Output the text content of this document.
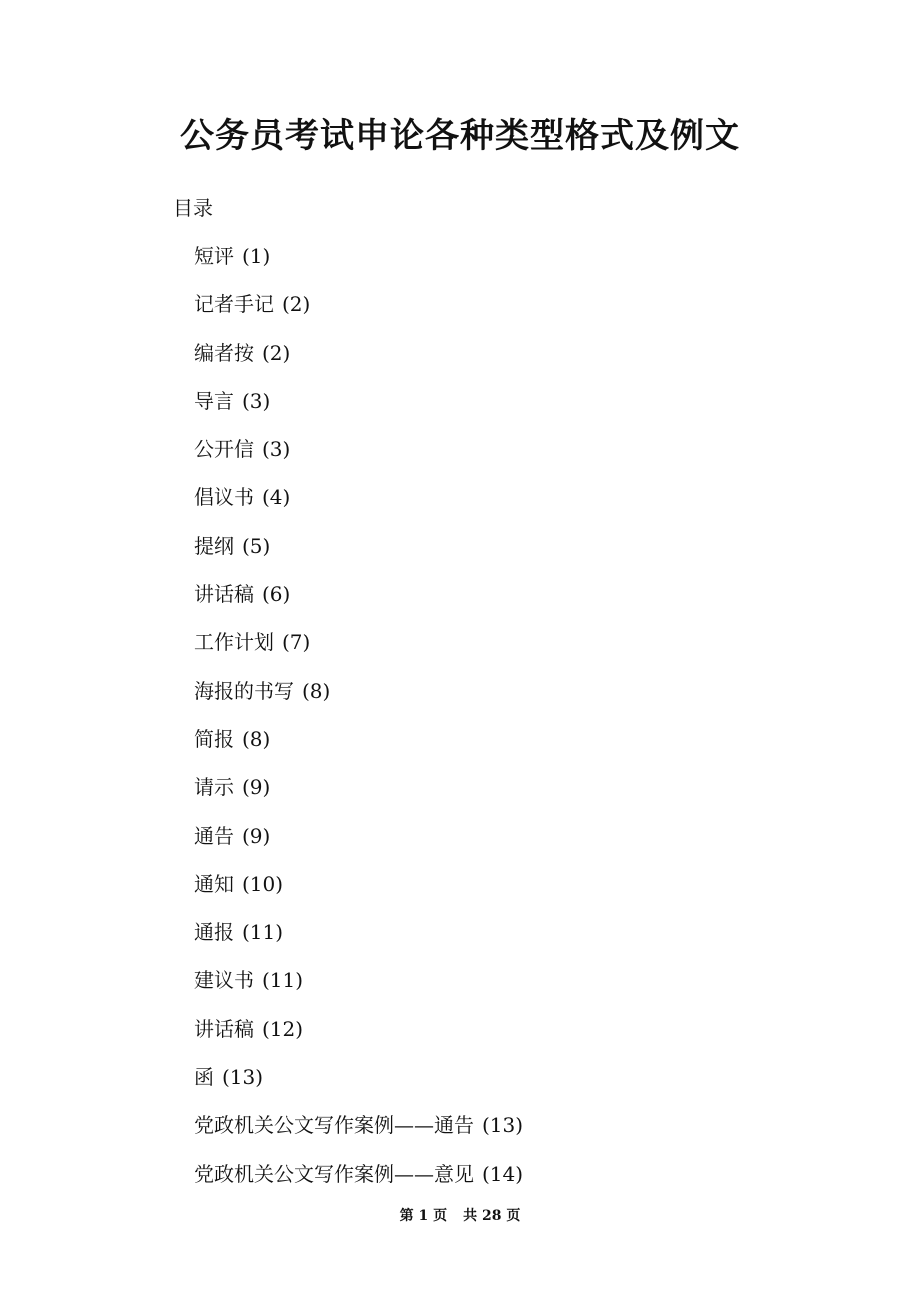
公务员考试申论各种类型格式及例文
目录
短评 (1)
记者手记 (2)
编者按 (2)
导言 (3)
公开信 (3)
倡议书 (4)
提纲 (5)
讲话稿 (6)
工作计划 (7)
海报的书写 (8)
简报 (8)
请示 (9)
通告 (9)
通知 (10)
通报 (11)
建议书 (11)
讲话稿 (12)
函 (13)
党政机关公文写作案例——通告 (13)
党政机关公文写作案例——意见 (14)
第 1 页 共 28 页
